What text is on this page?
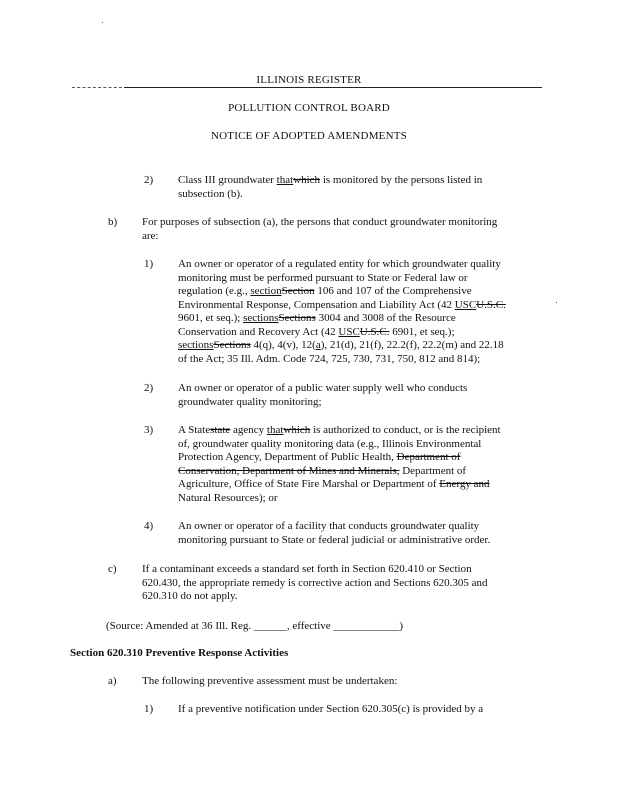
ILLINOIS REGISTER
POLLUTION CONTROL BOARD
NOTICE OF ADOPTED AMENDMENTS
2) Class III groundwater thatwhich is monitored by the persons listed in
subsection (b).
b) For purposes of subsection (a), the persons that conduct groundwater monitoring
are:
1) An owner or operator of a regulated entity for which groundwater quality
monitoring must be performed pursuant to State or Federal law or
regulation (e.g., sectionSection 106 and 107 of the Comprehensive
Environmental Response, Compensation and Liability Act (42 USCU.S.C.
9601, et seq.); sectionsSections 3004 and 3008 of the Resource
Conservation and Recovery Act (42 USCU.S.C. 6901, et seq.);
sectionsSections 4(q), 4(v), 12(a), 21(d), 21(f), 22.2(f), 22.2(m) and 22.18
of the Act; 35 Ill. Adm. Code 724, 725, 730, 731, 750, 812 and 814);
2) An owner or operator of a public water supply well who conducts
groundwater quality monitoring;
3) A Statestate agency thatwhich is authorized to conduct, or is the recipient
of, groundwater quality monitoring data (e.g., Illinois Environmental
Protection Agency, Department of Public Health, Department of
Conservation, Department of Mines and Minerals, Department of
Agriculture, Office of State Fire Marshal or Department of Energy and
Natural Resources); or
4) An owner or operator of a facility that conducts groundwater quality
monitoring pursuant to State or federal judicial or administrative order.
c) If a contaminant exceeds a standard set forth in Section 620.410 or Section
620.430, the appropriate remedy is corrective action and Sections 620.305 and
620.310 do not apply.
(Source: Amended at 36 Ill. Reg. ______, effective ____________)
Section 620.310 Preventive Response Activities
a) The following preventive assessment must be undertaken:
1) If a preventive notification under Section 620.305(c) is provided by a
